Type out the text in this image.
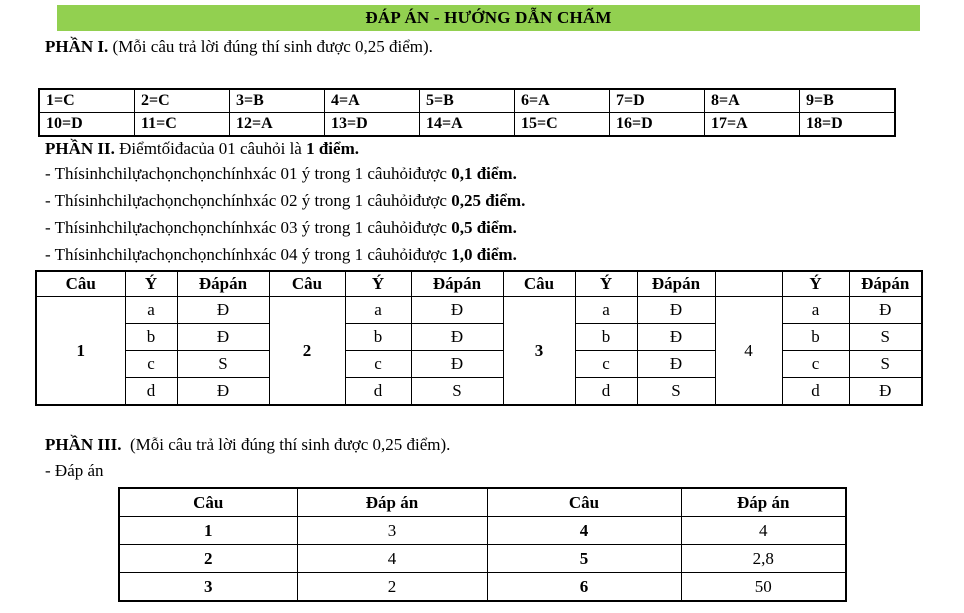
ĐÁP ÁN - HƯỚNG DẪN CHẤM
PHẦN I. (Mỗi câu trả lời đúng thí sinh được 0,25 điểm).
1=C	2=C	3=B	4=A	5=B	6=A	7=D	8=A	9=B
10=D	11=C	12=A	13=D	14=A	15=C	16=D	17=A	18=D
PHẦN II. Điểmtốiđacủa 01 câuhỏi là 1 điểm.
- Thísinhchilựachọnchọnchínhxác 01 ý trong 1 câuhỏiđược 0,1 điểm.
- Thísinhchilựachọnchọnchínhxác 02 ý trong 1 câuhỏiđược 0,25 điểm.
- Thísinhchilựachọnchọnchínhxác 03 ý trong 1 câuhỏiđược 0,5 điểm.
- Thísinhchilựachọnchọnchínhxác 04 ý trong 1 câuhỏiđược 1,0 điểm.
Câu	Ý	Đápán	Câu	Ý	Đápán	Câu	Ý	Đápán		Ý	Đápán
1	a	Đ	2	a	Đ	3	a	Đ	4	a	Đ
	b	Đ		b	Đ		b	Đ		b	S
	c	S		c	Đ		c	Đ		c	S
	d	Đ		d	S		d	S		d	Đ
PHẦN III.  (Mỗi câu trả lời đúng thí sinh được 0,25 điểm).
- Đáp án
Câu	Đáp án	Câu	Đáp án
1	3	4	4
2	4	5	2,8
3	2	6	50
